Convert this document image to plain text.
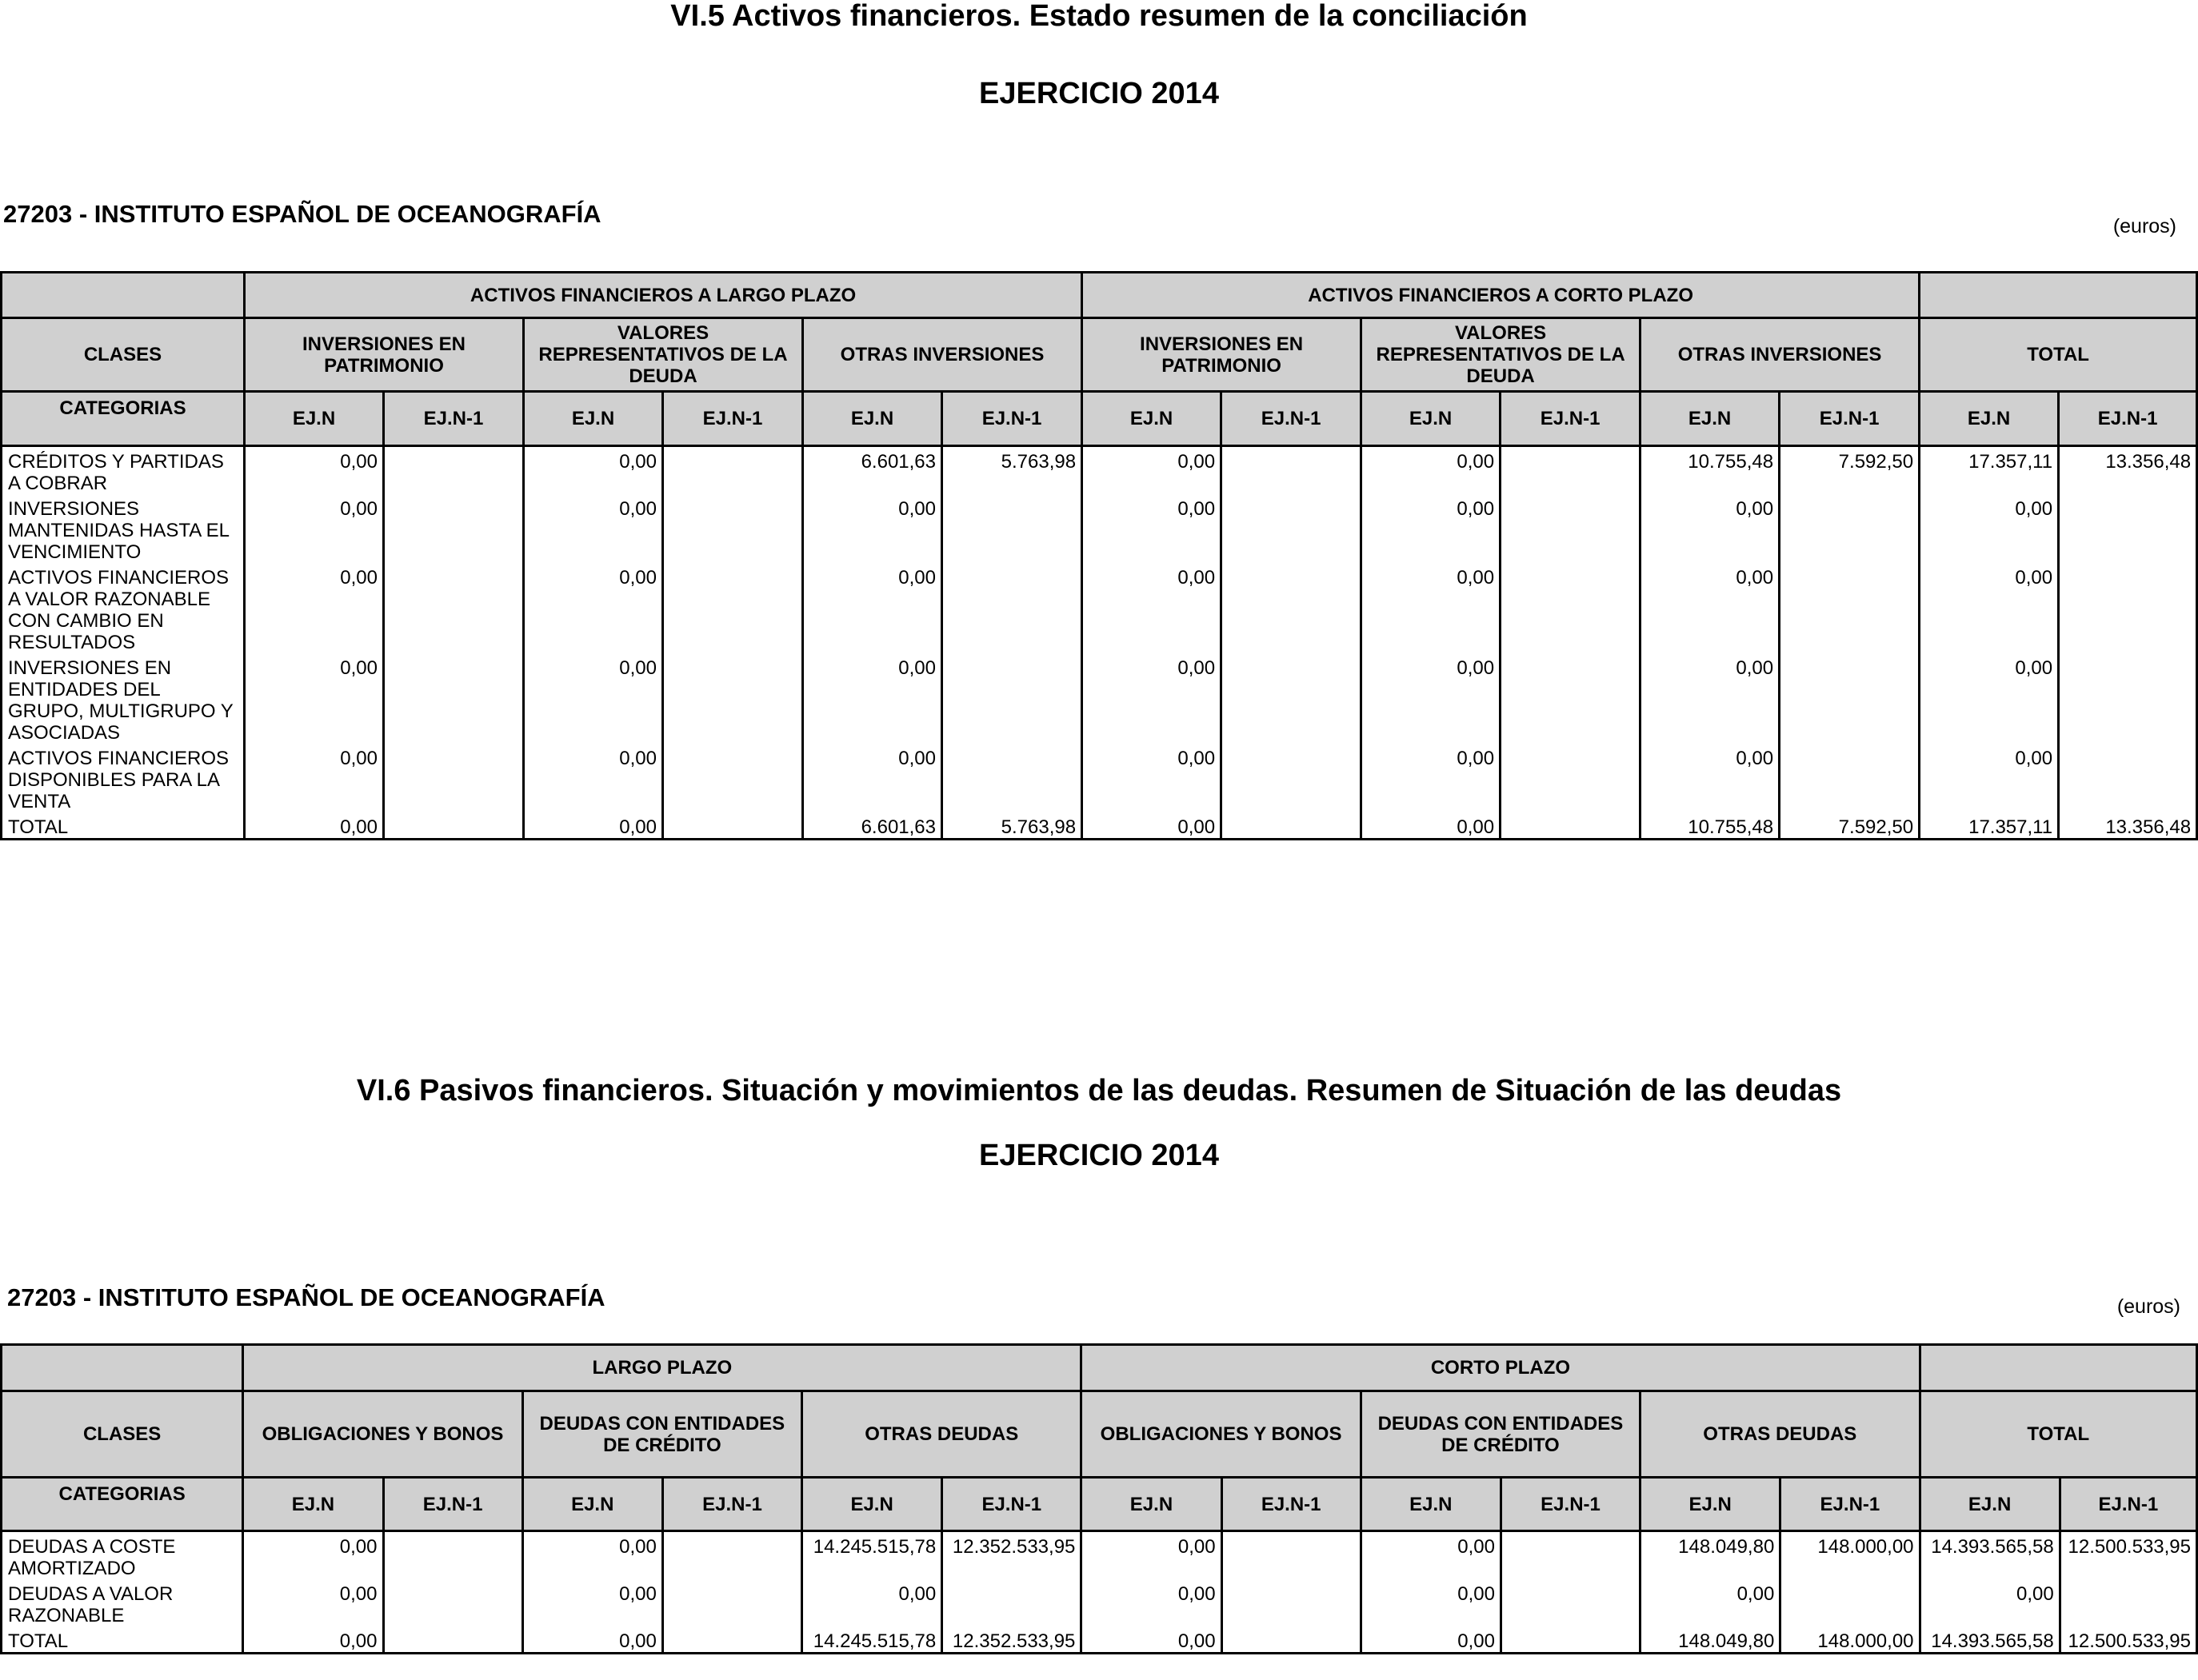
VI.5 Activos financieros. Estado resumen de la conciliación
EJERCICIO 2014
27203 - INSTITUTO ESPAÑOL DE OCEANOGRAFÍA	(euros)
	ACTIVOS FINANCIEROS A LARGO PLAZO						ACTIVOS FINANCIEROS A CORTO PLAZO							
CLASES	INVERSIONES EN PATRIMONIO		VALORES REPRESENTATIVOS DE LA DEUDA		OTRAS INVERSIONES		INVERSIONES EN PATRIMONIO		VALORES REPRESENTATIVOS DE LA DEUDA		OTRAS INVERSIONES		TOTAL	
CATEGORIAS	EJ.N	EJ.N-1	EJ.N	EJ.N-1	EJ.N	EJ.N-1	EJ.N	EJ.N-1	EJ.N	EJ.N-1	EJ.N	EJ.N-1	EJ.N	EJ.N-1
CRÉDITOS Y PARTIDAS A COBRAR	0,00		0,00		6.601,63	5.763,98	0,00		0,00		10.755,48	7.592,50	17.357,11	13.356,48
INVERSIONES MANTENIDAS HASTA EL VENCIMIENTO	0,00		0,00		0,00		0,00		0,00		0,00		0,00	
ACTIVOS FINANCIEROS A VALOR RAZONABLE CON CAMBIO EN RESULTADOS	0,00		0,00		0,00		0,00		0,00		0,00		0,00	
INVERSIONES EN ENTIDADES DEL GRUPO, MULTIGRUPO Y ASOCIADAS	0,00		0,00		0,00		0,00		0,00		0,00		0,00	
ACTIVOS FINANCIEROS DISPONIBLES PARA LA VENTA	0,00		0,00		0,00		0,00		0,00		0,00		0,00	
TOTAL	0,00		0,00		6.601,63	5.763,98	0,00		0,00		10.755,48	7.592,50	17.357,11	13.356,48
VI.6 Pasivos financieros. Situación y movimientos de las deudas. Resumen de Situación de las deudas
EJERCICIO 2014
27203 - INSTITUTO ESPAÑOL DE OCEANOGRAFÍA	(euros)
	LARGO PLAZO						CORTO PLAZO							
CLASES	OBLIGACIONES Y BONOS		DEUDAS CON ENTIDADES DE CRÉDITO		OTRAS DEUDAS		OBLIGACIONES Y BONOS		DEUDAS CON ENTIDADES DE CRÉDITO		OTRAS DEUDAS		TOTAL	
CATEGORIAS	EJ.N	EJ.N-1	EJ.N	EJ.N-1	EJ.N	EJ.N-1	EJ.N	EJ.N-1	EJ.N	EJ.N-1	EJ.N	EJ.N-1	EJ.N	EJ.N-1
DEUDAS A COSTE AMORTIZADO	0,00		0,00		14.245.515,78	12.352.533,95	0,00		0,00		148.049,80	148.000,00	14.393.565,58	12.500.533,95
DEUDAS A VALOR RAZONABLE	0,00		0,00		0,00		0,00		0,00		0,00		0,00	
TOTAL	0,00		0,00		14.245.515,78	12.352.533,95	0,00		0,00		148.049,80	148.000,00	14.393.565,58	12.500.533,95
